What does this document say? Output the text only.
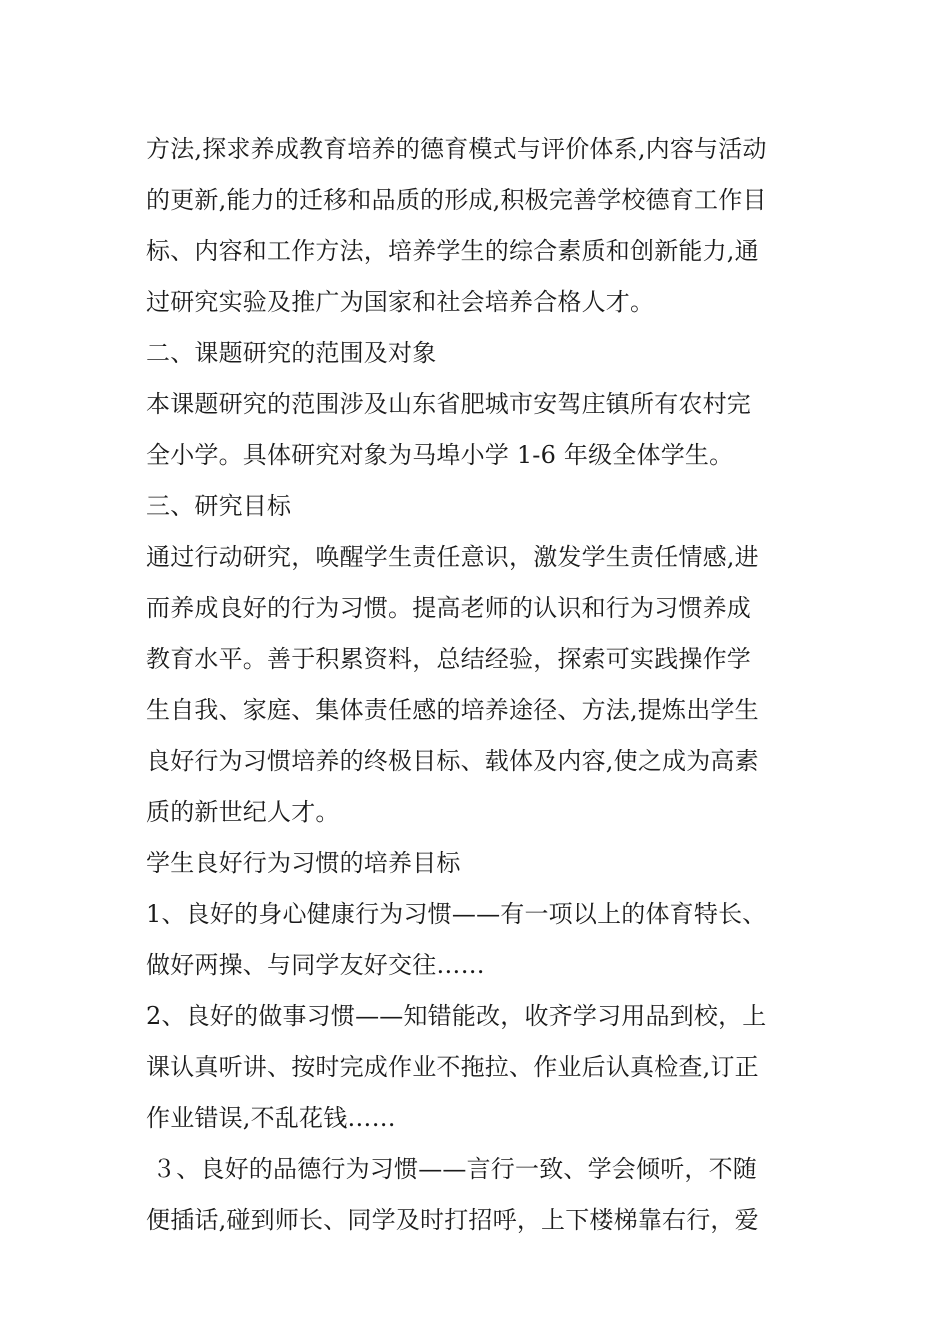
方法,探求养成教育培养的德育模式与评价体系,内容与活动
的更新,能力的迁移和品质的形成,积极完善学校德育工作目
标、内容和工作方法，培养学生的综合素质和创新能力,通
过研究实验及推广为国家和社会培养合格人才。
二、课题研究的范围及对象
本课题研究的范围涉及山东省肥城市安驾庄镇所有农村完
全小学。具体研究对象为马埠小学 1-6 年级全体学生。
三、研究目标
通过行动研究，唤醒学生责任意识，激发学生责任情感,进
而养成良好的行为习惯。提高老师的认识和行为习惯养成
教育水平。善于积累资料，总结经验，探索可实践操作学
生自我、家庭、集体责任感的培养途径、方法,提炼出学生
良好行为习惯培养的终极目标、载体及内容,使之成为高素
质的新世纪人才。
学生良好行为习惯的培养目标
1、良好的身心健康行为习惯——有一项以上的体育特长、
做好两操、与同学友好交往……
2、良好的做事习惯——知错能改，收齐学习用品到校，上
课认真听讲、按时完成作业不拖拉、作业后认真检查,订正
作业错误,不乱花钱……
３、良好的品德行为习惯——言行一致、学会倾听，不随
便插话,碰到师长、同学及时打招呼，上下楼梯靠右行，爱
